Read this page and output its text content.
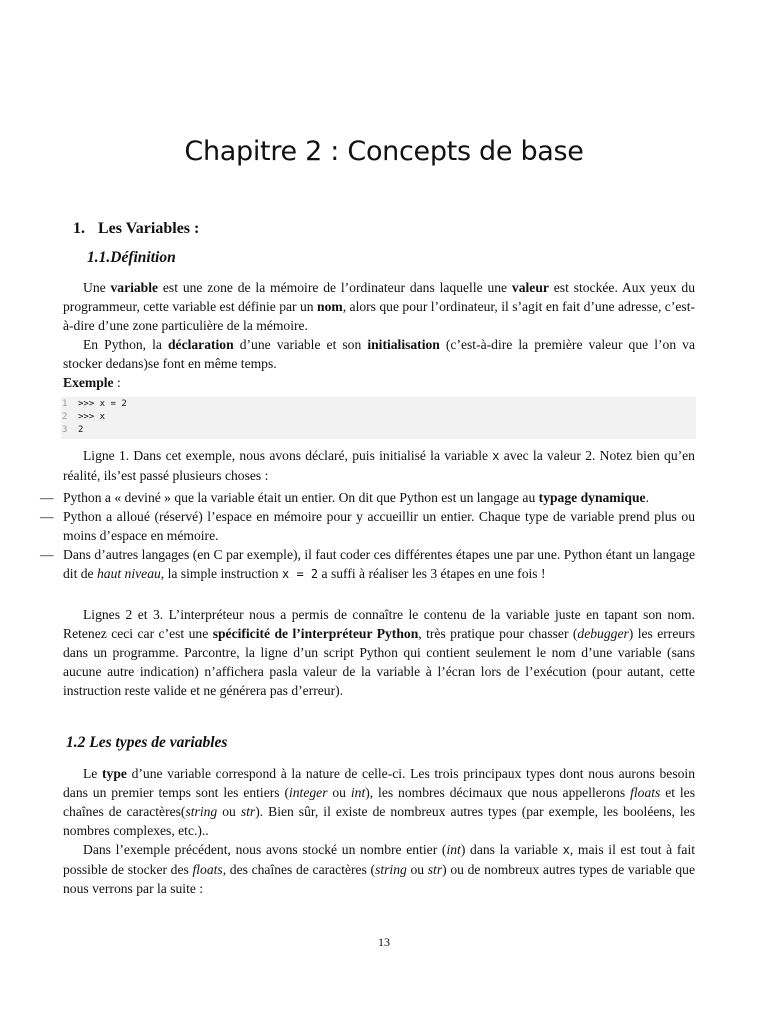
Chapitre 2 : Concepts de base
1. Les Variables :
1.1.Définition

Une variable est une zone de la mémoire de l’ordinateur dans laquelle une valeur est stockée. Aux yeux du programmeur, cette variable est définie par un nom, alors que pour l’ordinateur, il s’agit en fait d’une adresse, c’est-à-dire d’une zone particulière de la mémoire.

En Python, la déclaration d’une variable et son initialisation (c’est-à-dire la première valeur que l’on va stocker dedans)se font en même temps.

Exemple :

1	>>> x = 2
2	>>> x
3	2

Ligne 1. Dans cet exemple, nous avons déclaré, puis initialisé la variable x avec la valeur 2. Notez bien qu’en réalité, ils’est passé plusieurs choses :

— Python a « deviné » que la variable était un entier. On dit que Python est un langage au typage dynamique.
— Python a alloué (réservé) l’espace en mémoire pour y accueillir un entier. Chaque type de variable prend plus ou moins d’espace en mémoire.
— Dans d’autres langages (en C par exemple), il faut coder ces différentes étapes une par une. Python étant un langage dit de haut niveau, la simple instruction x = 2 a suffi à réaliser les 3 étapes en une fois !

Lignes 2 et 3. L’interpréteur nous a permis de connaître le contenu de la variable juste en tapant son nom. Retenez ceci car c’est une spécificité de l’interpréteur Python, très pratique pour chasser (debugger) les erreurs dans un programme. Parcontre, la ligne d’un script Python qui contient seulement le nom d’une variable (sans aucune autre indication) n’affichera pasla valeur de la variable à l’écran lors de l’exécution (pour autant, cette instruction reste valide et ne générera pas d’erreur).

1.2 Les types de variables

Le type d’une variable correspond à la nature de celle-ci. Les trois principaux types dont nous aurons besoin dans un premier temps sont les entiers (integer ou int), les nombres décimaux que nous appellerons floats et les chaînes de caractères(string ou str). Bien sûr, il existe de nombreux autres types (par exemple, les booléens, les nombres complexes, etc.)..

Dans l’exemple précédent, nous avons stocké un nombre entier (int) dans la variable x, mais il est tout à fait possible de stocker des floats, des chaînes de caractères (string ou str) ou de nombreux autres types de variable que nous verrons par la suite :

13
